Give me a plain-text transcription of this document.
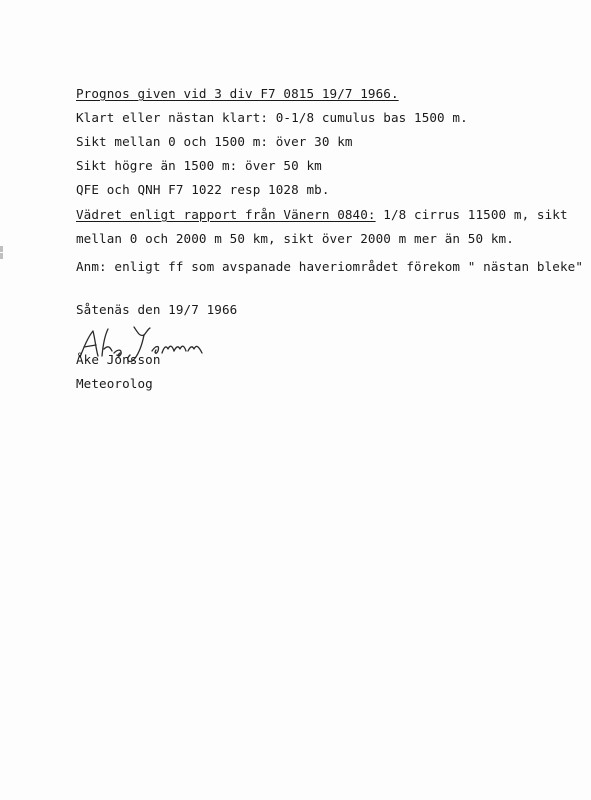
Prognos given vid 3 div F7 0815 19/7 1966.
Klart eller nästan klart: 0-1/8 cumulus bas 1500 m.
Sikt mellan 0 och 1500 m: över 30 km
Sikt högre än 1500 m: över 50 km
QFE och QNH F7 1022 resp 1028 mb.
Vädret enligt rapport från Vänern 0840: 1/8 cirrus 11500 m, sikt
mellan 0 och 2000 m 50 km, sikt över 2000 m mer än 50 km.
Anm: enligt ff som avspanade haveriområdet förekom " nästan bleke"
Såtenäs den 19/7 1966
Åke Jönsson
Meteorolog
